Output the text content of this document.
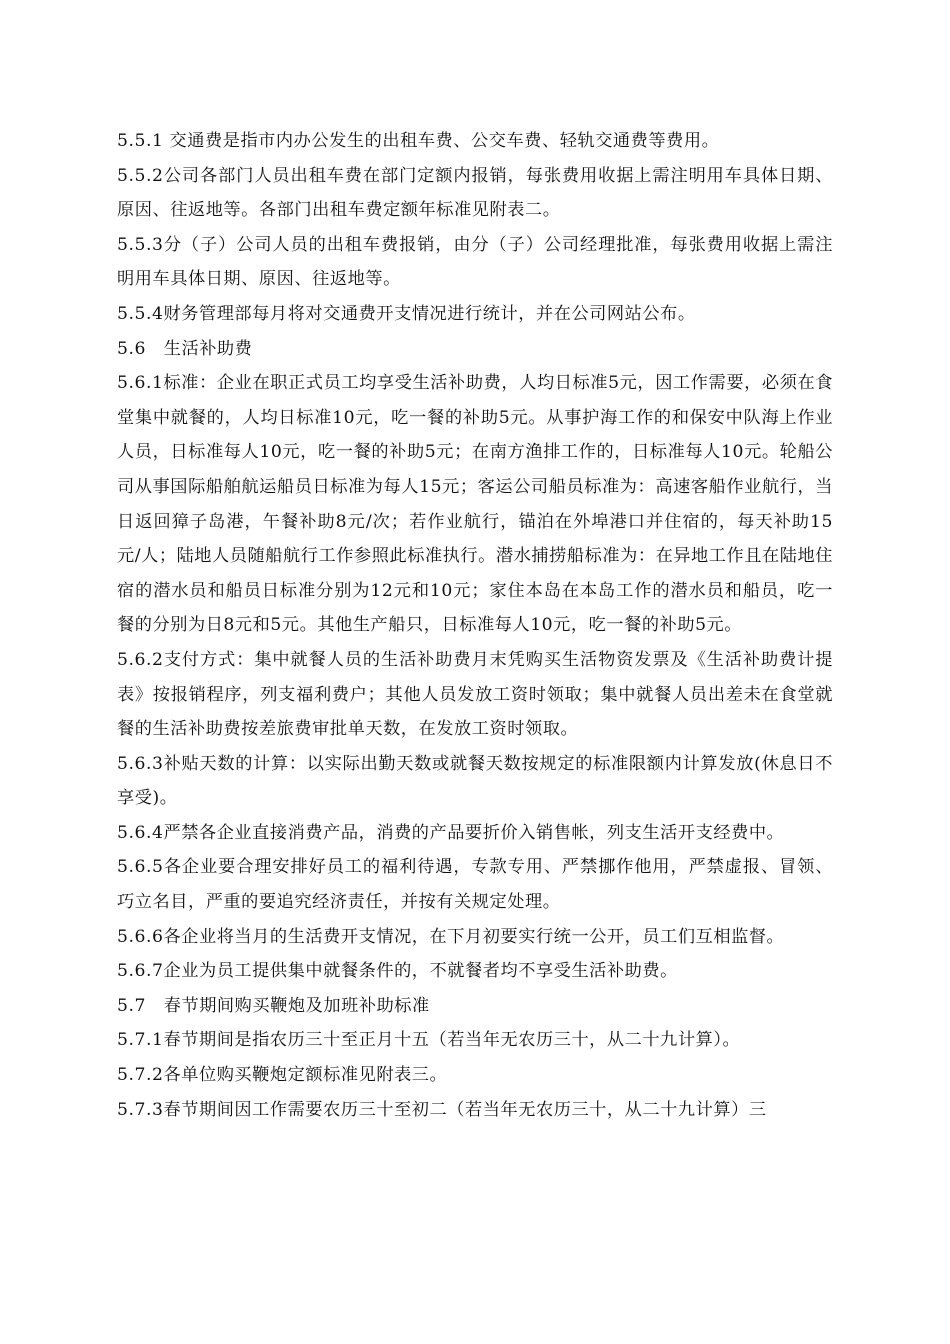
5.5.1 交通费是指市内办公发生的出租车费、公交车费、轻轨交通费等费用。

5.5.2公司各部门人员出租车费在部门定额内报销，每张费用收据上需注明用车具体日期、原因、往返地等。各部门出租车费定额年标准见附表二。

5.5.3分（子）公司人员的出租车费报销，由分（子）公司经理批准，每张费用收据上需注明用车具体日期、原因、往返地等。

5.5.4财务管理部每月将对交通费开支情况进行统计，并在公司网站公布。

5.6　生活补助费

5.6.1标准：企业在职正式员工均享受生活补助费，人均日标准5元，因工作需要，必须在食堂集中就餐的，人均日标准10元，吃一餐的补助5元。从事护海工作的和保安中队海上作业人员，日标准每人10元，吃一餐的补助5元；在南方渔排工作的，日标准每人10元。轮船公司从事国际船舶航运船员日标准为每人15元；客运公司船员标准为：高速客船作业航行，当日返回獐子岛港，午餐补助8元/次；若作业航行，锚泊在外埠港口并住宿的，每天补助15元/人；陆地人员随船航行工作参照此标准执行。潜水捕捞船标准为：在异地工作且在陆地住宿的潜水员和船员日标准分别为12元和10元；家住本岛在本岛工作的潜水员和船员，吃一餐的分别为日8元和5元。其他生产船只，日标准每人10元，吃一餐的补助5元。

5.6.2支付方式：集中就餐人员的生活补助费月末凭购买生活物资发票及《生活补助费计提表》按报销程序，列支福利费户；其他人员发放工资时领取；集中就餐人员出差未在食堂就餐的生活补助费按差旅费审批单天数，在发放工资时领取。

5.6.3补贴天数的计算：以实际出勤天数或就餐天数按规定的标准限额内计算发放(休息日不享受)。

5.6.4严禁各企业直接消费产品，消费的产品要折价入销售帐，列支生活开支经费中。

5.6.5各企业要合理安排好员工的福利待遇，专款专用、严禁挪作他用，严禁虚报、冒领、巧立名目，严重的要追究经济责任，并按有关规定处理。

5.6.6各企业将当月的生活费开支情况，在下月初要实行统一公开，员工们互相监督。

5.6.7企业为员工提供集中就餐条件的，不就餐者均不享受生活补助费。

5.7　春节期间购买鞭炮及加班补助标准

5.7.1春节期间是指农历三十至正月十五（若当年无农历三十，从二十九计算）。

5.7.2各单位购买鞭炮定额标准见附表三。

5.7.3春节期间因工作需要农历三十至初二（若当年无农历三十，从二十九计算）三
